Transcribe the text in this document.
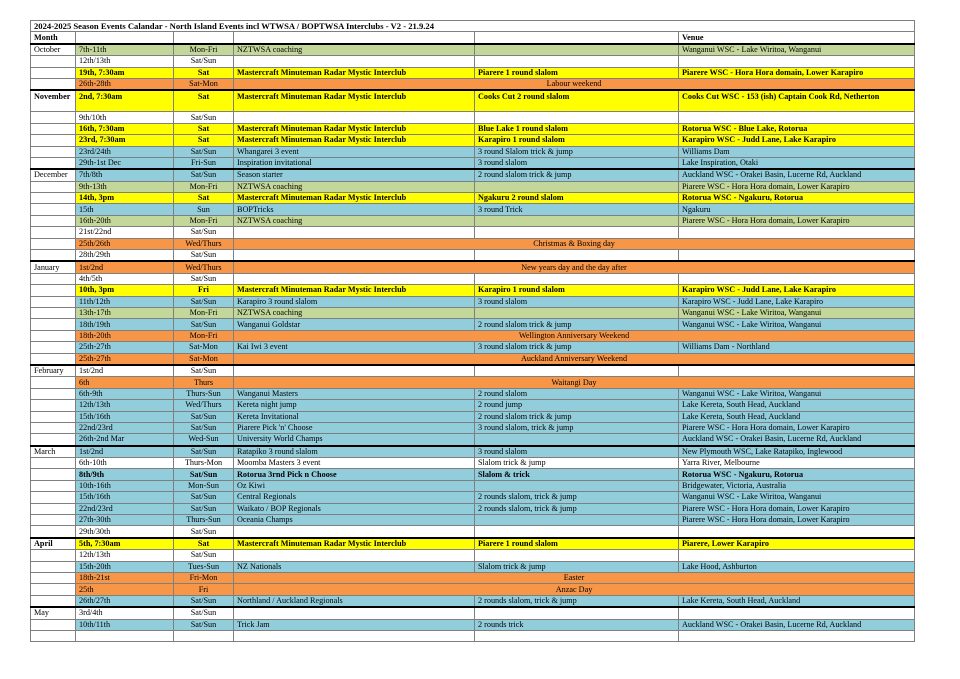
2024-2025 Season Events Calandar - North Island Events incl WTWSA / BOPTWSA Interclubs - V2 - 21.9.24					
Month					Venue
October	7th-11th	Mon-Fri	NZTWSA coaching		Wanganui WSC - Lake Wiritoa, Wanganui
	12th/13th	Sat/Sun			
	19th, 7:30am	Sat	Mastercraft Minuteman Radar Mystic Interclub	Piarere 1 round slalom	Piarere WSC - Hora Hora domain, Lower Karapiro
	26th-28th	Sat-Mon	Labour weekend		
November	2nd, 7:30am	Sat	Mastercraft Minuteman Radar Mystic Interclub	Cooks Cut 2 round slalom	Cooks Cut WSC - 153 (ish) Captain Cook Rd, Netherton
	9th/10th	Sat/Sun			
	16th, 7:30am	Sat	Mastercraft Minuteman Radar Mystic Interclub	Blue Lake 1 round slalom	Rotorua WSC - Blue Lake, Rotorua
	23rd, 7:30am	Sat	Mastercraft Minuteman Radar Mystic Interclub	Karapiro 1 round slalom	Karapiro WSC - Judd Lane, Lake Karapiro
	23rd/24th	Sat/Sun	Whangarei 3 event	3 round Slalom trick & jump	Williams Dam
	29th-1st Dec	Fri-Sun	Inspiration invitational	3 round slalom	Lake Inspiration, Otaki
December	7th/8th	Sat/Sun	Season starter	2 round slalom trick & jump	Auckland WSC - Orakei Basin, Lucerne Rd, Auckland
	9th-13th	Mon-Fri	NZTWSA coaching		Piarere WSC - Hora Hora domain, Lower Karapiro
	14th, 3pm	Sat	Mastercraft Minuteman Radar Mystic Interclub	Ngakuru 2 round slalom	Rotorua WSC - Ngakuru, Rotorua
	15th	Sun	BOPTricks	3 round Trick	Ngakuru
	16th-20th	Mon-Fri	NZTWSA coaching		Piarere WSC - Hora Hora domain, Lower Karapiro
	21st/22nd	Sat/Sun			
	25th/26th	Wed/Thurs	Christmas & Boxing day		
	28th/29th	Sat/Sun			
January	1st/2nd	Wed/Thurs	New years day and the day after		
	4th/5th	Sat/Sun			
	10th, 3pm	Fri	Mastercraft Minuteman Radar Mystic Interclub	Karapiro 1 round slalom	Karapiro WSC - Judd Lane, Lake Karapiro
	11th/12th	Sat/Sun	Karapiro 3 round slalom	3 round slalom	Karapiro WSC - Judd Lane, Lake Karapiro
	13th-17th	Mon-Fri	NZTWSA coaching		Wanganui WSC - Lake Wiritoa, Wanganui
	18th/19th	Sat/Sun	Wanganui Goldstar	2 round slalom trick & jump	Wanganui WSC - Lake Wiritoa, Wanganui
	18th-20th	Mon-Fri	Wellington Anniversary Weekend		
	25th-27th	Sat-Mon	Kai Iwi 3 event	3 round slalom trick & jump	Williams Dam - Northland
	25th-27th	Sat-Mon	Auckland Anniversary Weekend		
February	1st/2nd	Sat/Sun			
	6th	Thurs	Waitangi Day		
	6th-9th	Thurs-Sun	Wanganui Masters	2 round slalom	Wanganui WSC - Lake Wiritoa, Wanganui
	12th/13th	Wed/Thurs	Kereta night jump	2 round jump	Lake Kereta, South Head, Auckland
	15th/16th	Sat/Sun	Kereta Invitational	2 round slalom trick & jump	Lake Kereta, South Head, Auckland
	22nd/23rd	Sat/Sun	Piarere Pick 'n' Choose	3 round slalom, trick & jump	Piarere WSC - Hora Hora domain, Lower Karapiro
	26th-2nd Mar	Wed-Sun	University World Champs		Auckland WSC - Orakei Basin, Lucerne Rd, Auckland
March	1st/2nd	Sat/Sun	Ratapiko 3 round slalom	3 round slalom	New Plymouth WSC, Lake Ratapiko, Inglewood
	6th-10th	Thurs-Mon	Moomba Masters 3 event	Slalom trick & jump	Yarra River, Melbourne
	8th/9th	Sat/Sun	Rotorua 3rnd Pick n Choose	Slalom & trick	Rotorua WSC - Ngakuru, Rotorua
	10th-16th	Mon-Sun	Oz Kiwi		Bridgewater, Victoria, Australia
	15th/16th	Sat/Sun	Central Regionals	2 rounds slalom, trick & jump	Wanganui WSC - Lake Wiritoa, Wanganui
	22nd/23rd	Sat/Sun	Waikato / BOP Regionals	2 rounds slalom, trick & jump	Piarere WSC - Hora Hora domain, Lower Karapiro
	27th-30th	Thurs-Sun	Oceania Champs		Piarere WSC - Hora Hora domain, Lower Karapiro
	29th/30th	Sat/Sun			
April	5th, 7:30am	Sat	Mastercraft Minuteman Radar Mystic Interclub	Piarere 1 round slalom	Piarere, Lower Karapiro
	12th/13th	Sat/Sun			
	15th-20th	Tues-Sun	NZ Nationals	Slalom trick & jump	Lake Hood, Ashburton
	18th-21st	Fri-Mon	Easter		
	25th	Fri	Anzac Day		
	26th/27th	Sat/Sun	Northland / Auckland Regionals	2 rounds slalom, trick & jump	Lake Kereta, South Head, Auckland
May	3rd/4th	Sat/Sun			
	10th/11th	Sat/Sun	Trick Jam	2 rounds trick	Auckland WSC - Orakei Basin, Lucerne Rd, Auckland
